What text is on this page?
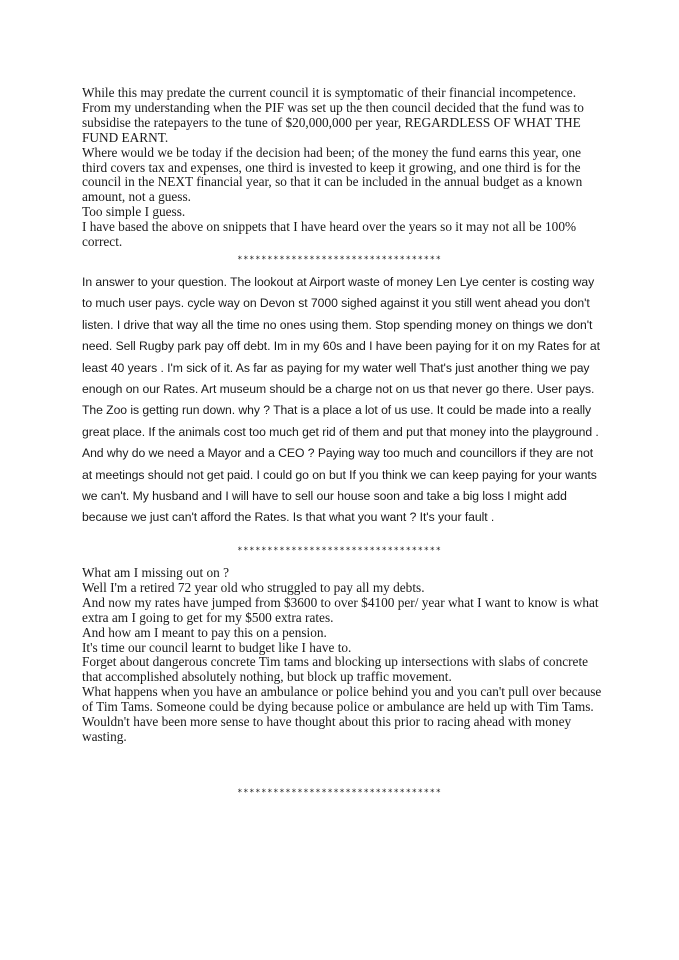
While this may predate the current council it is symptomatic of their financial incompetence. From my understanding when the PIF was set up the then council decided that the fund was to subsidise the ratepayers to the tune of $20,000,000 per year, REGARDLESS OF WHAT THE FUND EARNT.

Where would we be today if the decision had been; of the money the fund earns this year, one third covers tax and expenses, one third is invested to keep it growing, and one third is for the council in the NEXT financial year, so that it can be included in the annual budget as a known amount, not a guess.

Too simple I guess.

I have based the above on snippets that I have heard over the years so it may not all be 100% correct.

**********************************

In answer to your question. The lookout at Airport waste of money Len Lye center is costing way to much user pays. cycle way on Devon st 7000 sighed against it you still went ahead you don't listen. I drive that way all the time no ones using them. Stop spending money on things we don't need. Sell Rugby park pay off debt. Im in my 60s and I have been paying for it on my Rates for at least 40 years . I'm sick of it. As far as paying for my water well That's just another thing we pay enough on our Rates. Art museum should be a charge not on us that never go there. User pays. The Zoo is getting run down. why ? That is a place a lot of us use. It could be made into a really great place. If the animals cost too much get rid of them and put that money into the playground . And why do we need a Mayor and a CEO ? Paying way too much and councillors if they are not at meetings should not get paid. I could go on but If you think we can keep paying for your wants we can't. My husband and I will have to sell our house soon and take a big loss I might add because we just can't afford the Rates. Is that what you want ? It's your fault .

**********************************

What am I missing out on ?

Well I'm a retired 72 year old who struggled to pay all my debts.

And now my rates have jumped from $3600 to over $4100 per/ year what I want to know is what extra am I going to get for my $500 extra rates.

And how am I meant to pay this on a pension.

It's time our council learnt to budget like I have to.

Forget about dangerous concrete Tim tams and blocking up intersections with slabs of concrete that accomplished absolutely nothing, but block up traffic movement.

What happens when you have an ambulance or police behind you and you can't pull over because of Tim Tams. Someone could be dying because police or ambulance are held up with Tim Tams.

Wouldn't have been more sense to have thought about this prior to racing ahead with money wasting.

**********************************
